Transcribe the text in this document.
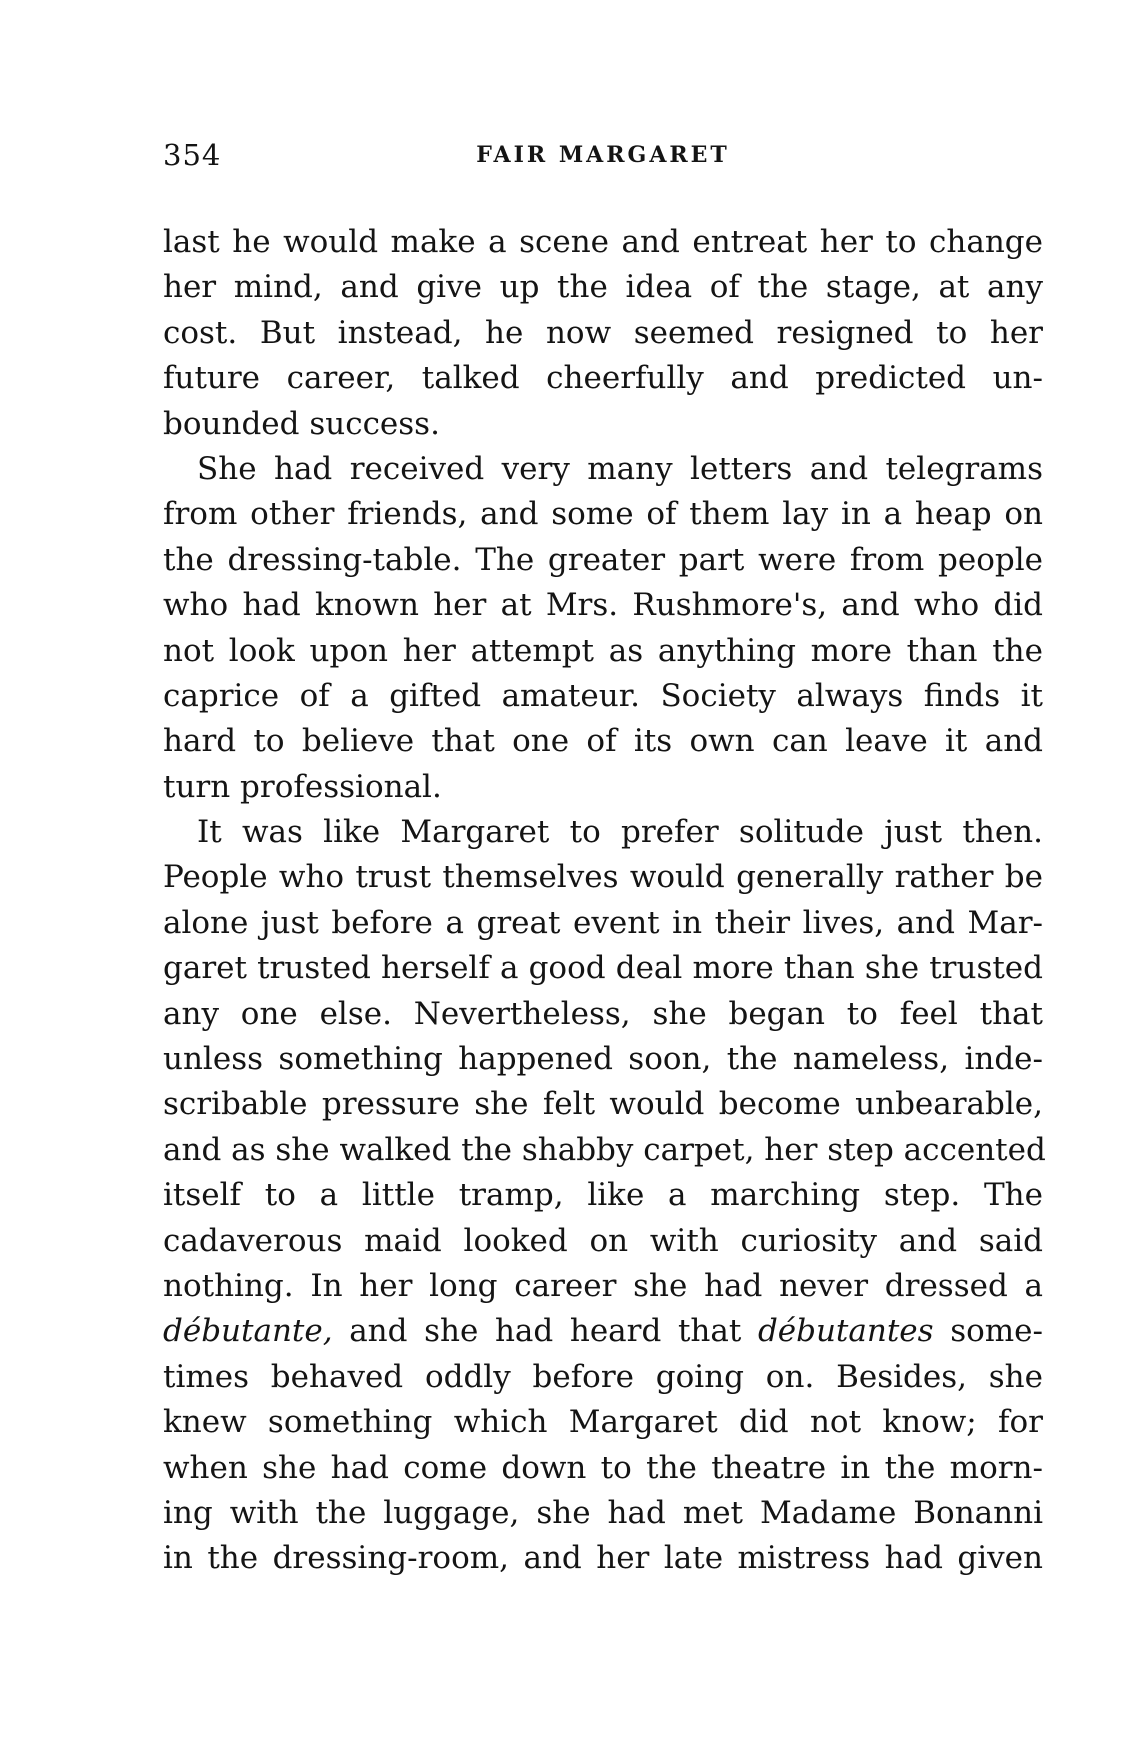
354	FAIR MARGARET
last he would make a scene and entreat her to change
her mind, and give up the idea of the stage, at any
cost. But instead, he now seemed resigned to her
future career, talked cheerfully and predicted un-
bounded success.
She had received very many letters and telegrams
from other friends, and some of them lay in a heap on
the dressing-table. The greater part were from people
who had known her at Mrs. Rushmore's, and who did
not look upon her attempt as anything more than the
caprice of a gifted amateur. Society always finds it
hard to believe that one of its own can leave it and
turn professional.
It was like Margaret to prefer solitude just then.
People who trust themselves would generally rather be
alone just before a great event in their lives, and Mar-
garet trusted herself a good deal more than she trusted
any one else. Nevertheless, she began to feel that
unless something happened soon, the nameless, inde-
scribable pressure she felt would become unbearable,
and as she walked the shabby carpet, her step accented
itself to a little tramp, like a marching step. The
cadaverous maid looked on with curiosity and said
nothing. In her long career she had never dressed a
débutante, and she had heard that débutantes some-
times behaved oddly before going on. Besides, she
knew something which Margaret did not know; for
when she had come down to the theatre in the morn-
ing with the luggage, she had met Madame Bonanni
in the dressing-room, and her late mistress had given
